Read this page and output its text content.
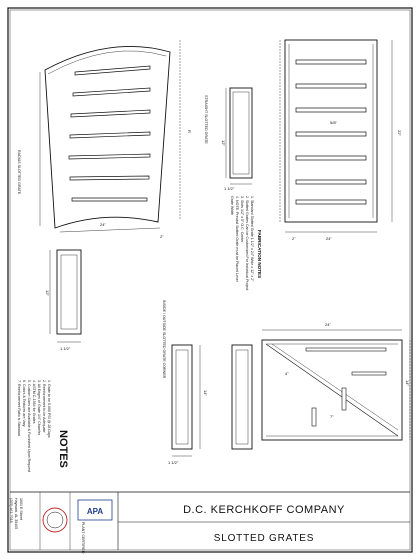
24"
2"
R
RADIUS SLOTTED GRATE	1 1/2"
12"
STRAIGHT SLOTTED GRATE	22"
24"
5/8"
2"
FABRICATION NOTES
1. Standard Slotted Grate 1 1/2" x 24" Wide x 12" x 2"
2. Slotted Grates Can be Customized For Individual Project
3. Slots 1/2" x 5" O.C. Center
4. NOTE: Precast Slotted Grate must be Placed Level
Grate Width
12"
1 1/2"
24"
4"
7"
14"
14"
1 1/2"
INSIDE / OUTSIDE SLOTTED GRATE CORNER
NOTES
1. Grate to be 5,000 PSI @ 28 Days
2. Reinforcement to be Adequate
3. All Edges of Grate 1/4" Chamfer
4. ASTM C-1364 for Grates
5. Custom Sizes are Available & Furnished Upon Request
6. Colors & Textures are Vary
7. Reinforcement Ratio is Standard
D.C. KERCHKOFF COMPANY
SLOTTED GRATES
APA
PLANT CERTIFIED
1601 E Street
Hayward, AL 35405
(205) 461-7018
